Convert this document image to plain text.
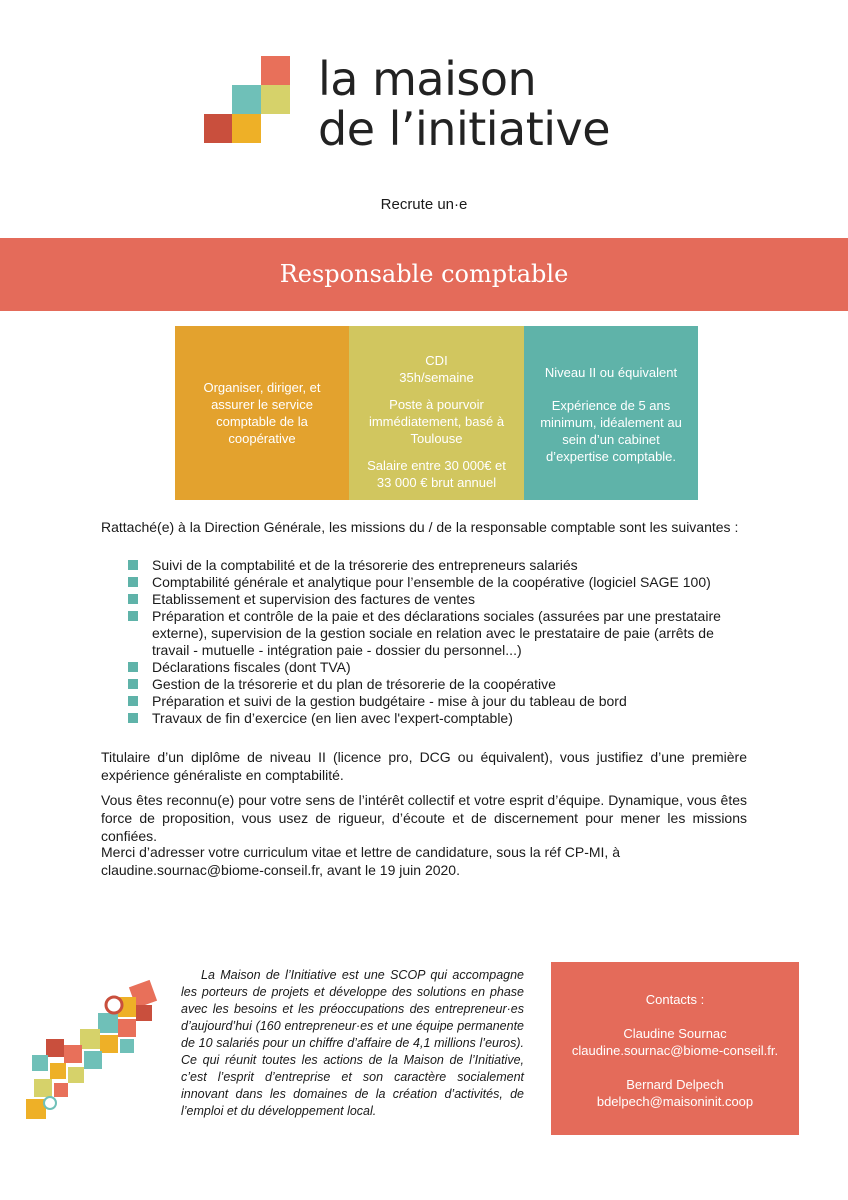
la maison
de l’initiative
Recrute un·e
Responsable comptable

Organiser, diriger, et assurer le service comptable de la coopérative

CDI

35h/semaine

Poste à pourvoir immédiatement, basé à Toulouse

Salaire entre 30 000€ et 33 000 € brut annuel

Niveau II ou équivalent

Expérience de 5 ans minimum, idéalement au sein d’un cabinet d’expertise comptable.

Rattaché(e) à la Direction Générale, les missions du / de la responsable comptable sont les suivantes :
Suivi de la comptabilité et de la trésorerie des entrepreneurs salariés
Comptabilité générale et analytique pour l’ensemble de la coopérative (logiciel SAGE 100)
Etablissement et supervision des factures de ventes
Préparation et contrôle de la paie et des déclarations sociales (assurées par une prestataire externe), supervision de la gestion sociale en relation avec le prestataire de paie (arrêts de travail - mutuelle - intégration paie - dossier du personnel...)
Déclarations fiscales (dont TVA)
Gestion de la trésorerie et du plan de trésorerie de la coopérative
Préparation et suivi de la gestion budgétaire - mise à jour du tableau de bord
Travaux de fin d’exercice (en lien avec l'expert-comptable)

Titulaire d’un diplôme de niveau II (licence pro, DCG ou équivalent), vous justifiez d’une première expérience généraliste en comptabilité.

Vous êtes reconnu(e) pour votre sens de l’intérêt collectif et votre esprit d’équipe. Dynamique, vous êtes force de proposition, vous usez de rigueur, d’écoute et de discernement pour mener les missions confiées.

Merci d’adresser votre curriculum vitae et lettre de candidature, sous la réf CP-MI, à
claudine.sournac@biome-conseil.fr, avant le 19 juin 2020.

La Maison de l’Initiative est une SCOP qui accompagne les porteurs de projets et développe des solutions en phase avec les besoins et les préoccupations des entrepreneur·es d’aujourd’hui (160 entrepreneur·es et une équipe permanente de 10 salariés pour un chiffre d’affaire de 4,1 millions l’euros). Ce qui réunit toutes les actions de la Maison de l’Initiative, c’est l’esprit d’entreprise et son caractère socialement innovant dans les domaines de la création d’activités, de l’emploi et du développement local.

Contacts :

Claudine Sournac

claudine.sournac@biome-conseil.fr.

Bernard Delpech

bdelpech@maisoninit.coop
